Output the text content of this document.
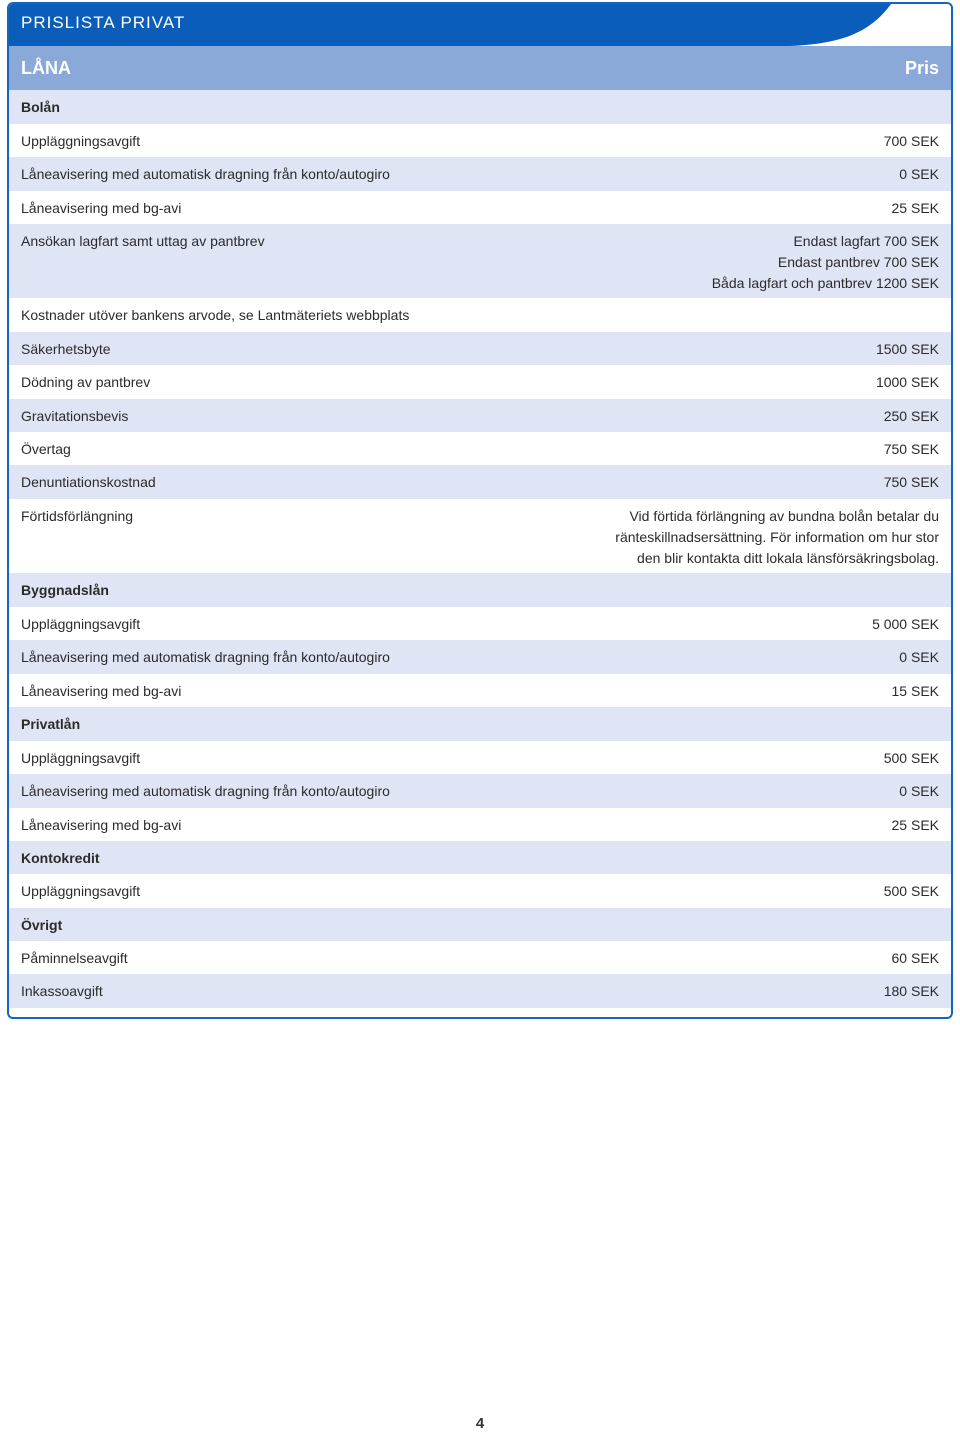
PRISLISTA PRIVAT
LÅNA	Pris
Bolån
Uppläggningsavgift	700 SEK
Låneavisering med automatisk dragning från konto/autogiro	0 SEK
Låneavisering med bg-avi	25 SEK
Ansökan lagfart samt uttag av pantbrev	Endast lagfart 700 SEK
Endast pantbrev 700 SEK
Båda lagfart och pantbrev 1200 SEK
Kostnader utöver bankens arvode, se Lantmäteriets webbplats
Säkerhetsbyte	1500 SEK
Dödning av pantbrev	1000 SEK
Gravitationsbevis	250 SEK
Övertag	750 SEK
Denuntiationskostnad	750 SEK
Förtidsförlängning	Vid förtida förlängning av bundna bolån betalar du
ränteskillnadsersättning. För information om hur stor
den blir kontakta ditt lokala länsförsäkringsbolag.
Byggnadslån
Uppläggningsavgift	5 000 SEK
Låneavisering med automatisk dragning från konto/autogiro	0 SEK
Låneavisering med bg-avi	15 SEK
Privatlån
Uppläggningsavgift	500 SEK
Låneavisering med automatisk dragning från konto/autogiro	0 SEK
Låneavisering med bg-avi	25 SEK
Kontokredit
Uppläggningsavgift	500 SEK
Övrigt
Påminnelseavgift	60 SEK
Inkassoavgift	180 SEK
4
